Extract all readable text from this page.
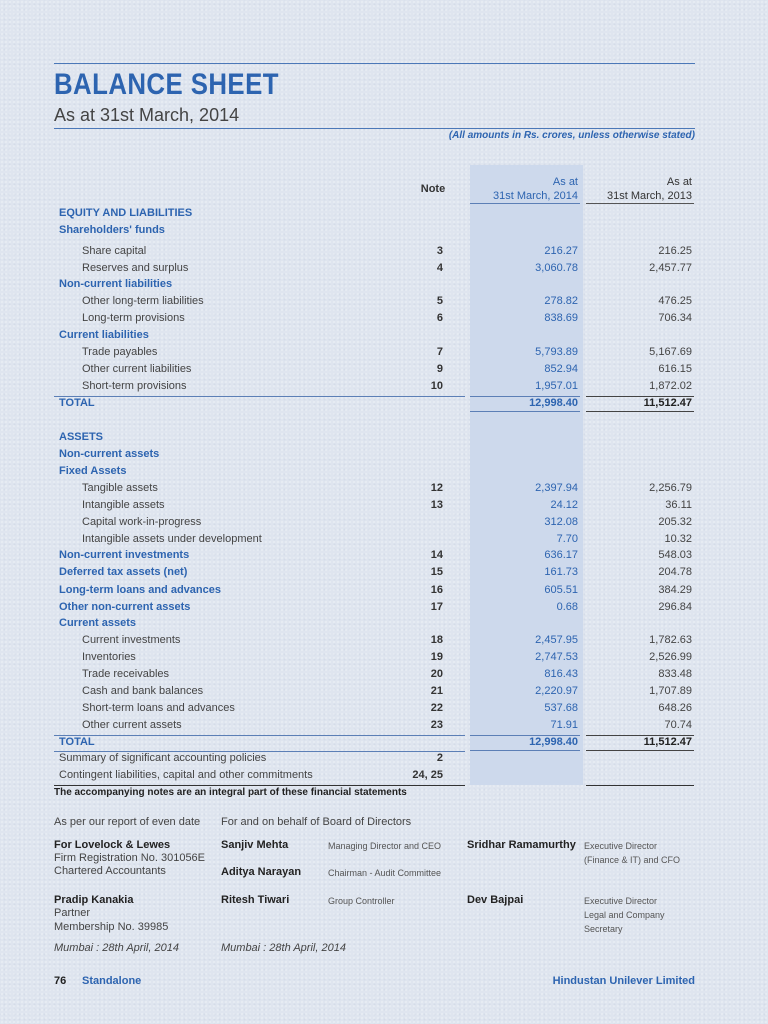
BALANCE SHEET
As at 31st March, 2014
(All amounts in Rs. crores, unless otherwise stated)
Note
As at
31st March, 2014
As at
31st March, 2013
EQUITY AND LIABILITIES
Shareholders' funds
Share capital	3	216.27	216.25
Reserves and surplus	4	3,060.78	2,457.77
Non-current liabilities
Other long-term liabilities	5	278.82	476.25
Long-term provisions	6	838.69	706.34
Current liabilities
Trade payables	7	5,793.89	5,167.69
Other current liabilities	9	852.94	616.15
Short-term provisions	10	1,957.01	1,872.02
TOTAL	12,998.40	11,512.47
ASSETS
Non-current assets
Fixed Assets
Tangible assets	12	2,397.94	2,256.79
Intangible assets	13	24.12	36.11
Capital work-in-progress	312.08	205.32
Intangible assets under development	7.70	10.32
Non-current investments	14	636.17	548.03
Deferred tax assets (net)	15	161.73	204.78
Long-term loans and advances	16	605.51	384.29
Other non-current assets	17	0.68	296.84
Current assets
Current investments	18	2,457.95	1,782.63
Inventories	19	2,747.53	2,526.99
Trade receivables	20	816.43	833.48
Cash and bank balances	21	2,220.97	1,707.89
Short-term loans and advances	22	537.68	648.26
Other current assets	23	71.91	70.74
TOTAL	12,998.40	11,512.47
Summary of significant accounting policies	2
Contingent liabilities, capital and other commitments	24, 25
The accompanying notes are an integral part of these financial statements
As per our report of even date For and on behalf of Board of Directors
For Lovelock & Lewes
Firm Registration No. 301056E
Chartered Accountants
Sanjiv Mehta	Managing Director and CEO
Aditya Narayan	Chairman - Audit Committee
Ritesh Tiwari	Group Controller
Sridhar Ramamurthy Executive Director
(Finance & IT) and CFO
Pradip Kanakia
Partner
Membership No. 39985
Dev Bajpai	Executive Director
Legal and Company
Secretary
Mumbai : 28th April, 2014	Mumbai : 28th April, 2014
76 Standalone	Hindustan Unilever Limited
